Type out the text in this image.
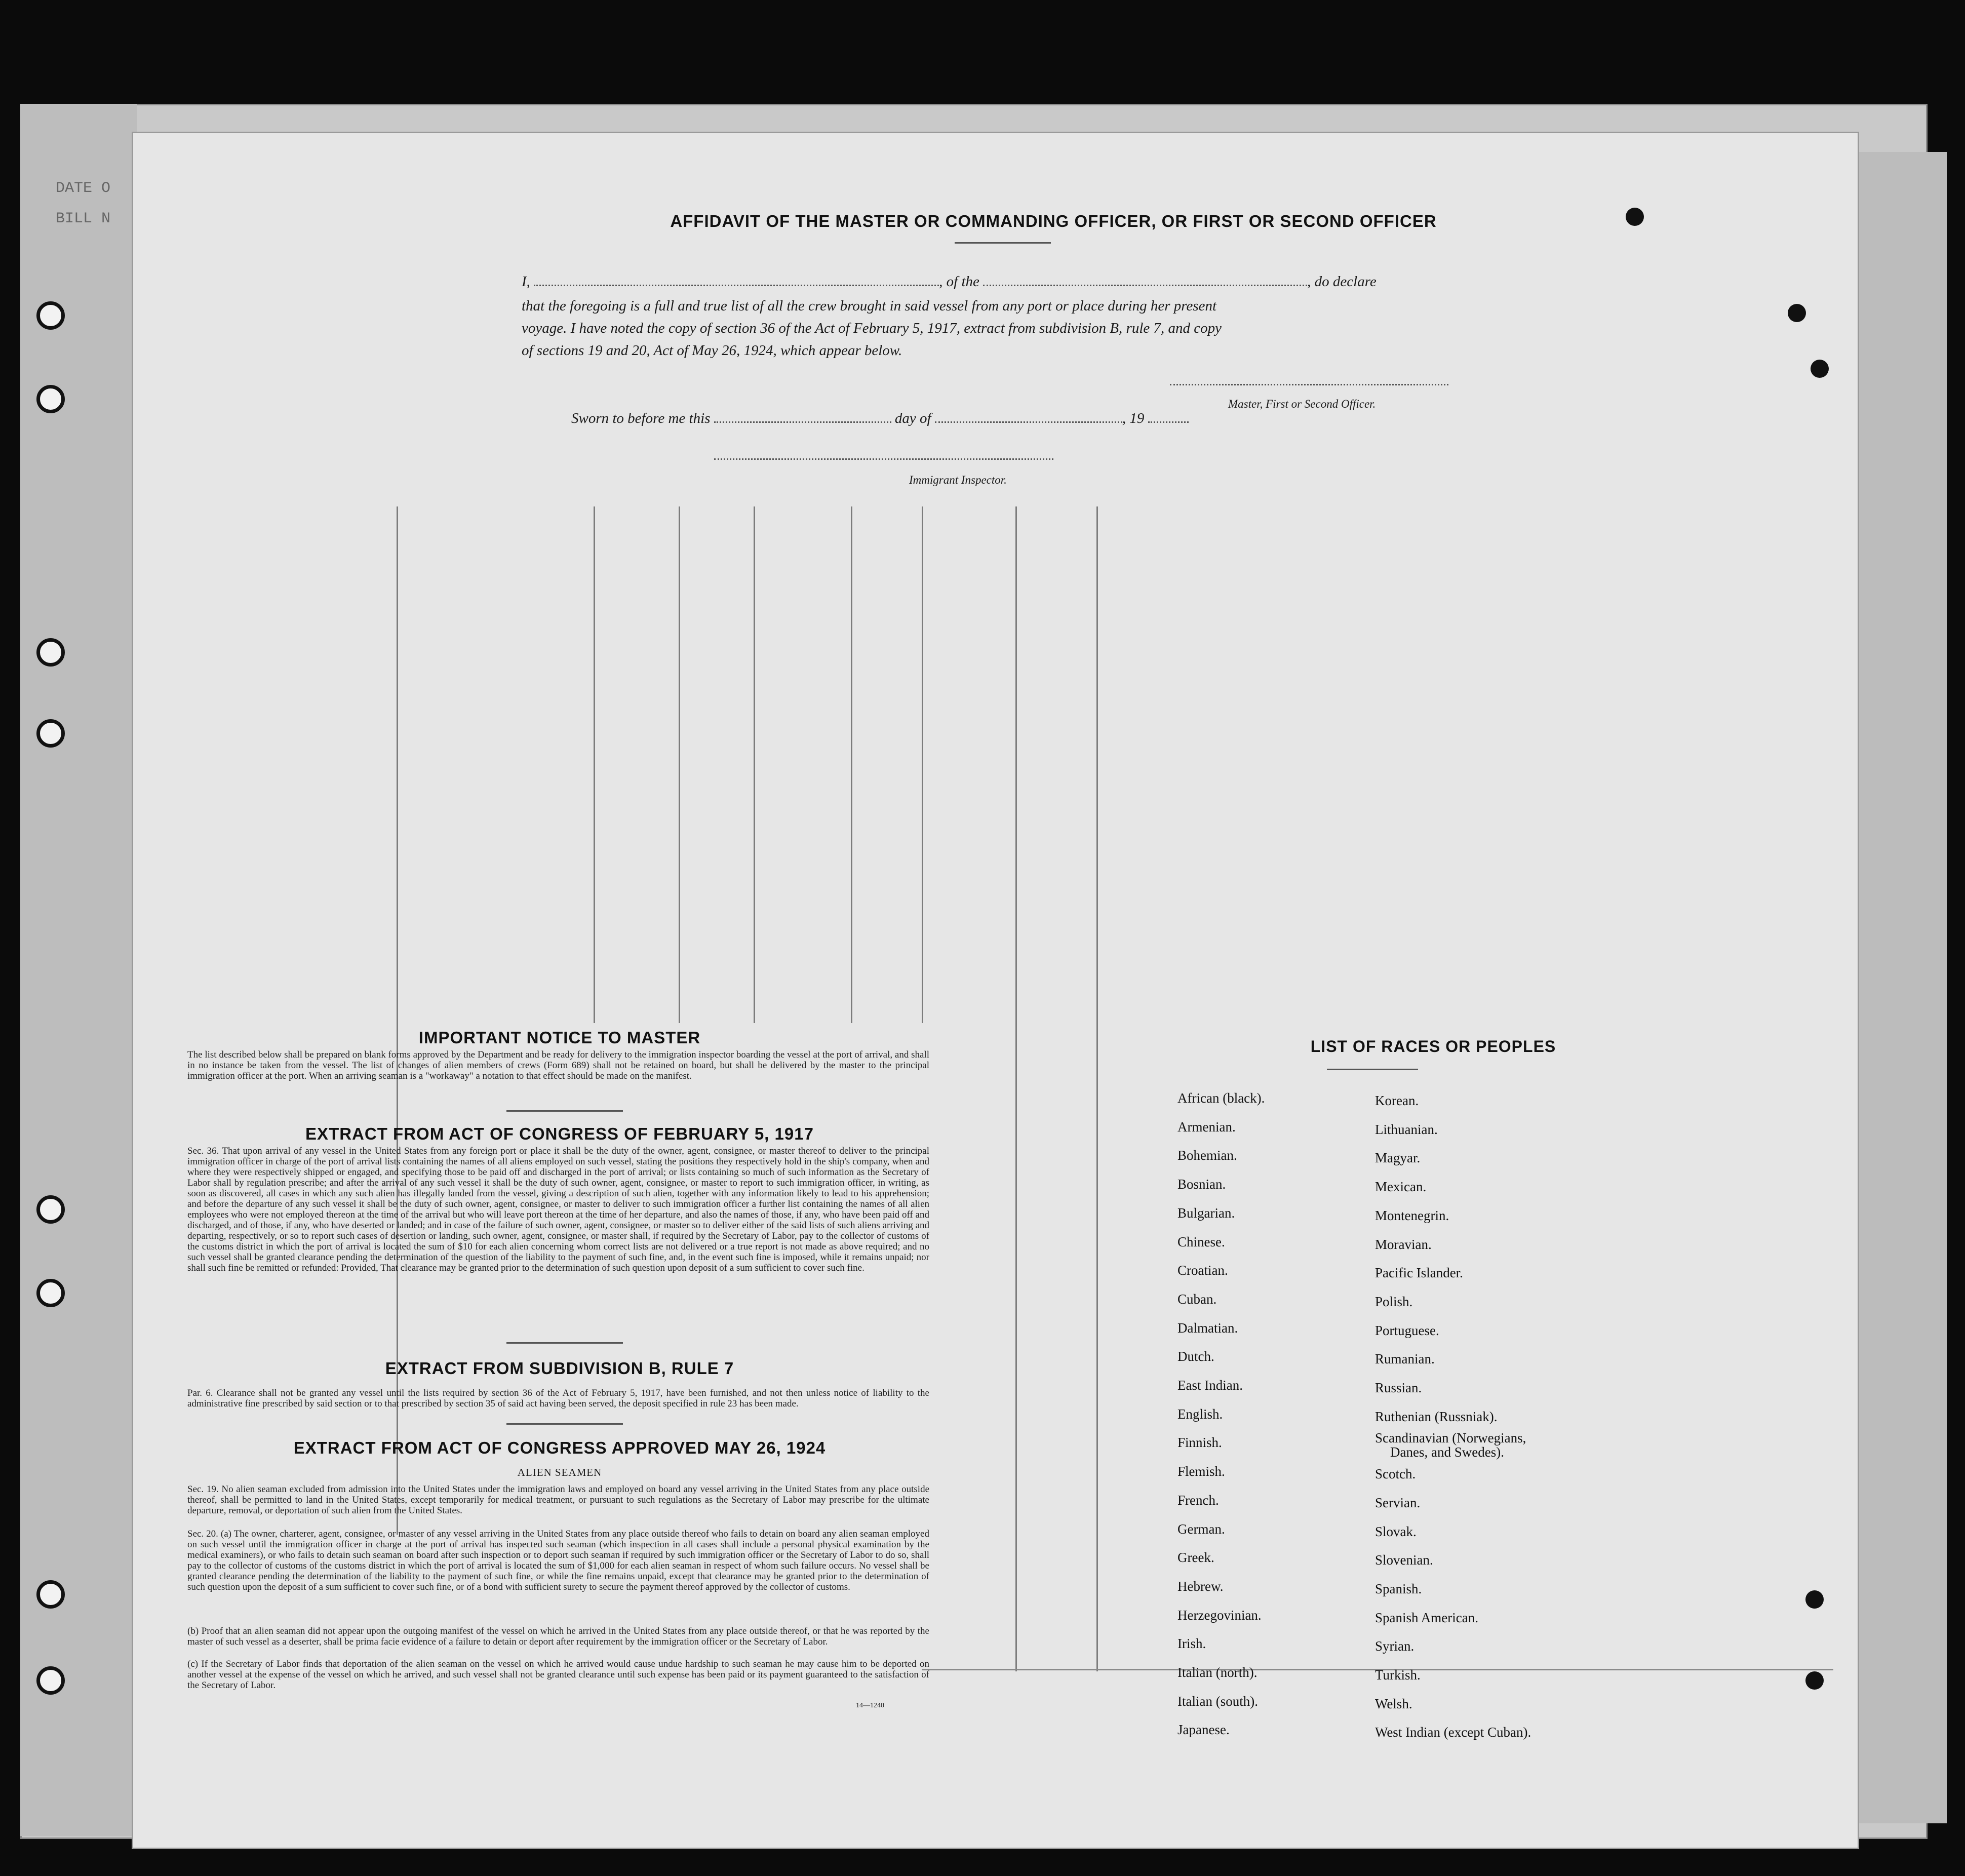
DATE O
BILL N	AFFIDAVIT OF THE MASTER OR COMMANDING OFFICER, OR FIRST OR SECOND OFFICER
I,	, of the	, do declare
that the foregoing is a full and true list of all the crew brought in said vessel from any port or place during her present
voyage. I have noted the copy of section 36 of the Act of February 5, 1917, extract from subdivision B, rule 7, and copy
of sections 19 and 20, Act of May 26, 1924, which appear below.
Master, First or Second Officer.
Sworn to before me this	day of	, 19
Immigrant Inspector.
IMPORTANT NOTICE TO MASTER
The list described below shall be prepared on blank forms approved by the Department and be ready for delivery to the immigration inspector boarding the vessel at the port of arrival, and shall in no instance be taken from the vessel. The list of changes of alien members of crews (Form 689) shall not be retained on board, but shall be delivered by the master to the principal immigration officer at the port. When an arriving seaman is a "workaway" a notation to that effect should be made on the manifest.
EXTRACT FROM ACT OF CONGRESS OF FEBRUARY 5, 1917
Sec. 36. That upon arrival of any vessel in the United States from any foreign port or place it shall be the duty of the owner, agent, consignee, or master thereof to deliver to the principal immigration officer in charge of the port of arrival lists containing the names of all aliens employed on such vessel, stating the positions they respectively hold in the ship's company, when and where they were respectively shipped or engaged, and specifying those to be paid off and discharged in the port of arrival; or lists containing so much of such information as the Secretary of Labor shall by regulation prescribe; and after the arrival of any such vessel it shall be the duty of such owner, agent, consignee, or master to report to such immigration officer, in writing, as soon as discovered, all cases in which any such alien has illegally landed from the vessel, giving a description of such alien, together with any information likely to lead to his apprehension; and before the departure of any such vessel it shall be the duty of such owner, agent, consignee, or master to deliver to such immigration officer a further list containing the names of all alien employees who were not employed thereon at the time of the arrival but who will leave port thereon at the time of her departure, and also the names of those, if any, who have been paid off and discharged, and of those, if any, who have deserted or landed; and in case of the failure of such owner, agent, consignee, or master so to deliver either of the said lists of such aliens arriving and departing, respectively, or so to report such cases of desertion or landing, such owner, agent, consignee, or master shall, if required by the Secretary of Labor, pay to the collector of customs of the customs district in which the port of arrival is located the sum of $10 for each alien concerning whom correct lists are not delivered or a true report is not made as above required; and no such vessel shall be granted clearance pending the determination of the question of the liability to the payment of such fine, and, in the event such fine is imposed, while it remains unpaid; nor shall such fine be remitted or refunded: Provided, That clearance may be granted prior to the determination of such question upon deposit of a sum sufficient to cover such fine.
EXTRACT FROM SUBDIVISION B, RULE 7
Par. 6. Clearance shall not be granted any vessel until the lists required by section 36 of the Act of February 5, 1917, have been furnished, and not then unless notice of liability to the administrative fine prescribed by said section or to that prescribed by section 35 of said act having been served, the deposit specified in rule 23 has been made.
EXTRACT FROM ACT OF CONGRESS APPROVED MAY 26, 1924
ALIEN SEAMEN
Sec. 19. No alien seaman excluded from admission into the United States under the immigration laws and employed on board any vessel arriving in the United States from any place outside thereof, shall be permitted to land in the United States, except temporarily for medical treatment, or pursuant to such regulations as the Secretary of Labor may prescribe for the ultimate departure, removal, or deportation of such alien from the United States.
Sec. 20. (a) The owner, charterer, agent, consignee, or master of any vessel arriving in the United States from any place outside thereof who fails to detain on board any alien seaman employed on such vessel until the immigration officer in charge at the port of arrival has inspected such seaman (which inspection in all cases shall include a personal physical examination by the medical examiners), or who fails to detain such seaman on board after such inspection or to deport such seaman if required by such immigration officer or the Secretary of Labor to do so, shall pay to the collector of customs of the customs district in which the port of arrival is located the sum of $1,000 for each alien seaman in respect of whom such failure occurs. No vessel shall be granted clearance pending the determination of the liability to the payment of such fine, or while the fine remains unpaid, except that clearance may be granted prior to the determination of such question upon the deposit of a sum sufficient to cover such fine, or of a bond with sufficient surety to secure the payment thereof approved by the collector of customs.
(b) Proof that an alien seaman did not appear upon the outgoing manifest of the vessel on which he arrived in the United States from any place outside thereof, or that he was reported by the master of such vessel as a deserter, shall be prima facie evidence of a failure to detain or deport after requirement by the immigration officer or the Secretary of Labor.
(c) If the Secretary of Labor finds that deportation of the alien seaman on the vessel on which he arrived would cause undue hardship to such seaman he may cause him to be deported on another vessel at the expense of the vessel on which he arrived, and such vessel shall not be granted clearance until such expense has been paid or its payment guaranteed to the satisfaction of the Secretary of Labor.
14—1240
LIST OF RACES OR PEOPLES
African (black).
Armenian.
Bohemian.
Bosnian.
Bulgarian.
Chinese.
Croatian.
Cuban.
Dalmatian.
Dutch.
East Indian.
English.
Finnish.
Flemish.
French.
German.
Greek.
Hebrew.
Herzegovinian.
Irish.
Italian (north).
Italian (south).
Japanese.
Korean.
Lithuanian.
Magyar.
Mexican.
Montenegrin.
Moravian.
Pacific Islander.
Polish.
Portuguese.
Rumanian.
Russian.
Ruthenian (Russniak).
Scandinavian (Norwegians,
Danes, and Swedes).
Scotch.
Servian.
Slovak.
Slovenian.
Spanish.
Spanish American.
Syrian.
Turkish.
Welsh.
West Indian (except Cuban).
